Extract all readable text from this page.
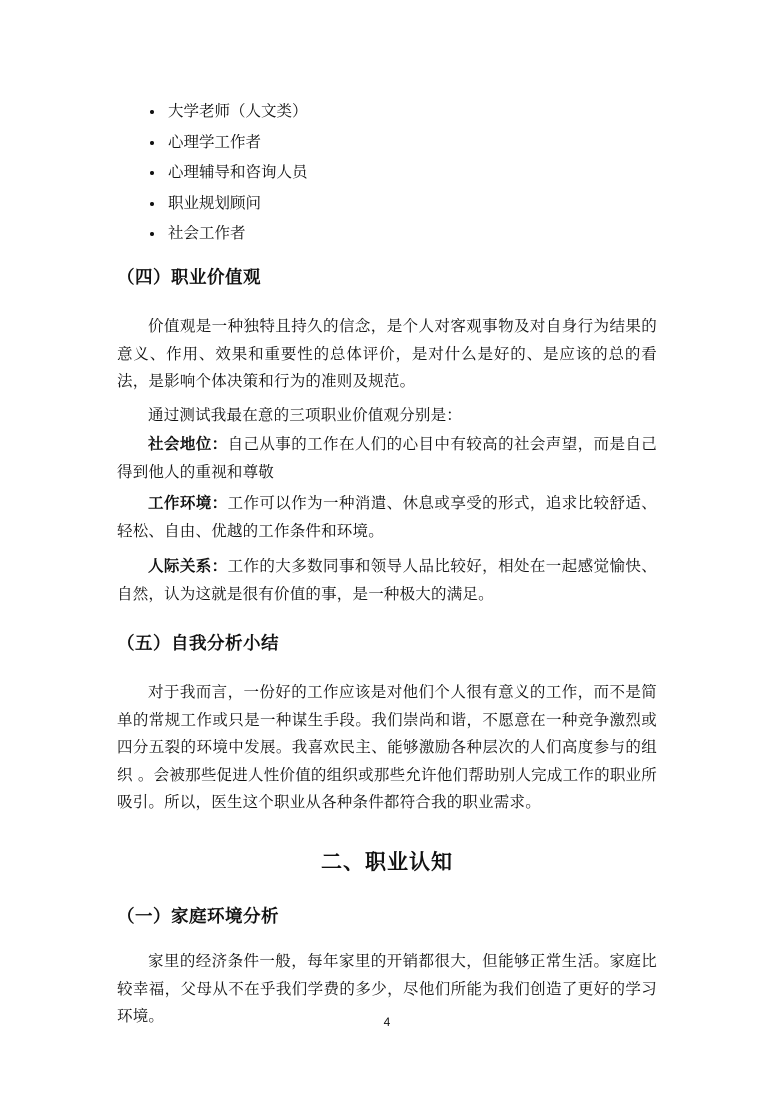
大学老师（人文类）
心理学工作者
心理辅导和咨询人员
职业规划顾问
社会工作者
（四）职业价值观

价值观是一种独特且持久的信念，是个人对客观事物及对自身行为结果的意义、作用、效果和重要性的总体评价，是对什么是好的、是应该的总的看法，是影响个体决策和行为的准则及规范。

通过测试我最在意的三项职业价值观分别是：

社会地位：自己从事的工作在人们的心目中有较高的社会声望，而是自己得到他人的重视和尊敬

工作环境：工作可以作为一种消遣、休息或享受的形式，追求比较舒适、轻松、自由、优越的工作条件和环境。

人际关系：工作的大多数同事和领导人品比较好，相处在一起感觉愉快、自然，认为这就是很有价值的事，是一种极大的满足。

（五）自我分析小结

对于我而言，一份好的工作应该是对他们个人很有意义的工作，而不是简单的常规工作或只是一种谋生手段。我们崇尚和谐，不愿意在一种竞争激烈或四分五裂的环境中发展。我喜欢民主、能够激励各种层次的人们高度参与的组织 。会被那些促进人性价值的组织或那些允许他们帮助别人完成工作的职业所吸引。所以，医生这个职业从各种条件都符合我的职业需求。

二、职业认知
（一）家庭环境分析

家里的经济条件一般，每年家里的开销都很大，但能够正常生活。家庭比较幸福，父母从不在乎我们学费的多少，尽他们所能为我们创造了更好的学习环境。	4
